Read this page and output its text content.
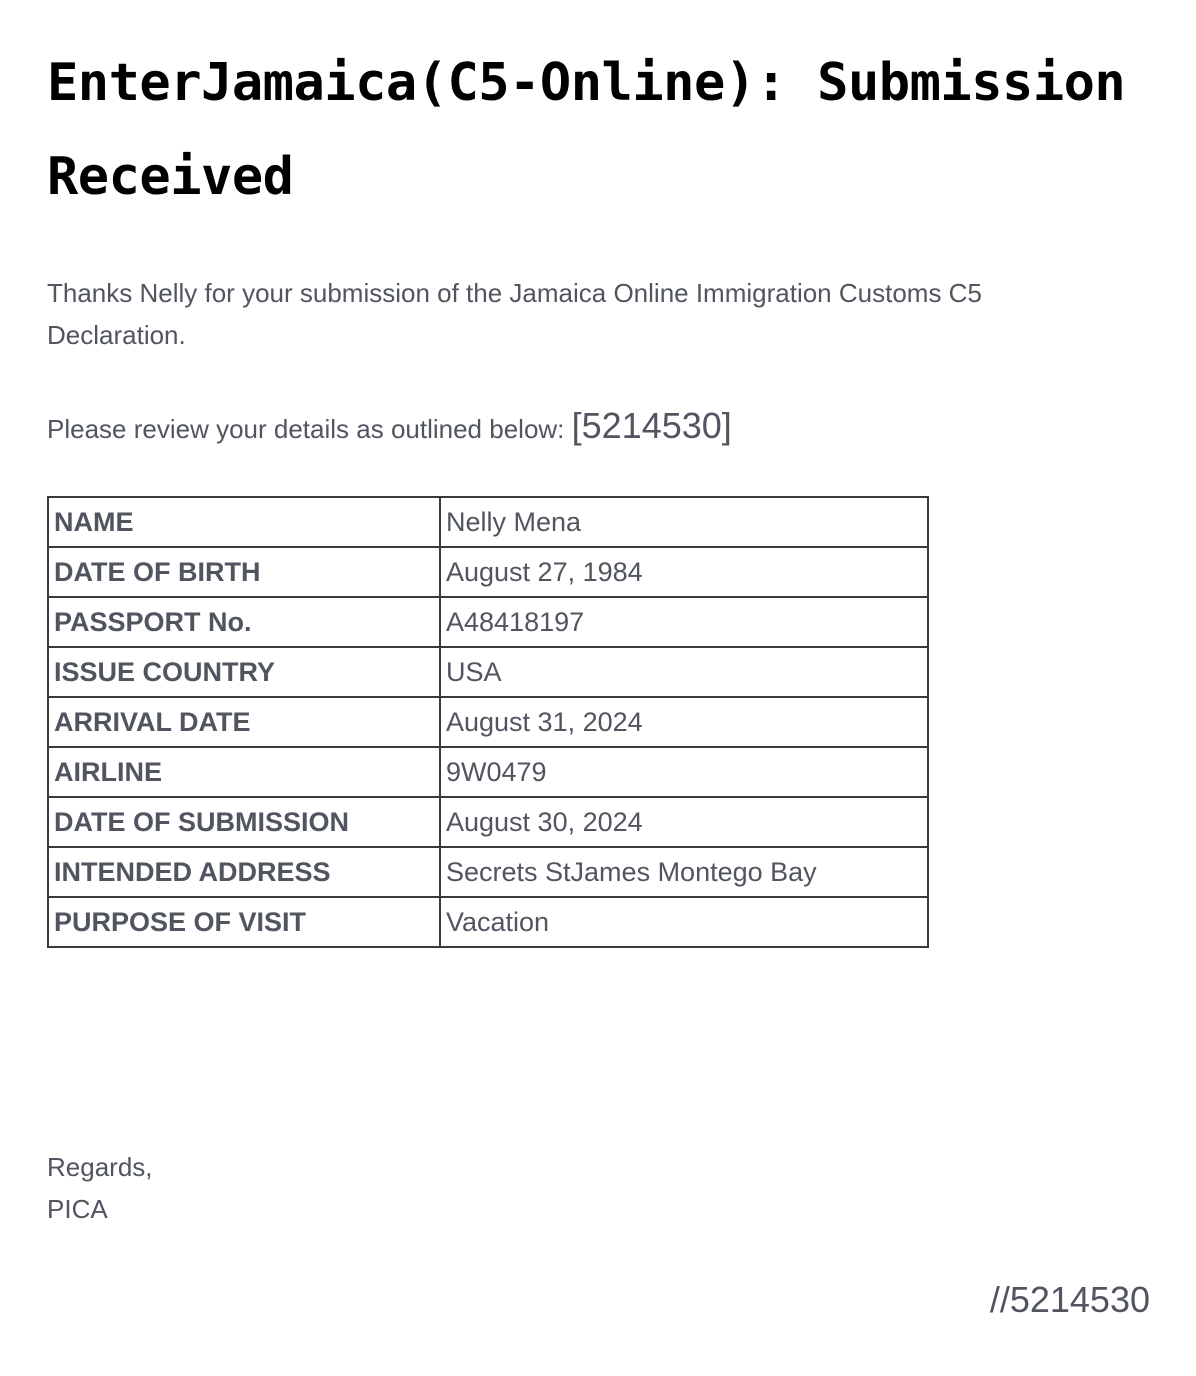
EnterJamaica(C5-Online): Submission Received

Thanks Nelly for your submission of the Jamaica Online Immigration Customs C5 Declaration.

Please review your details as outlined below: [5214530]
NAME	Nelly Mena
DATE OF BIRTH	August 27, 1984
PASSPORT No.	A48418197
ISSUE COUNTRY	USA
ARRIVAL DATE	August 31, 2024
AIRLINE	9W0479
DATE OF SUBMISSION	August 30, 2024
INTENDED ADDRESS	Secrets StJames Montego Bay
PURPOSE OF VISIT	Vacation
Regards,
PICA
//5214530
